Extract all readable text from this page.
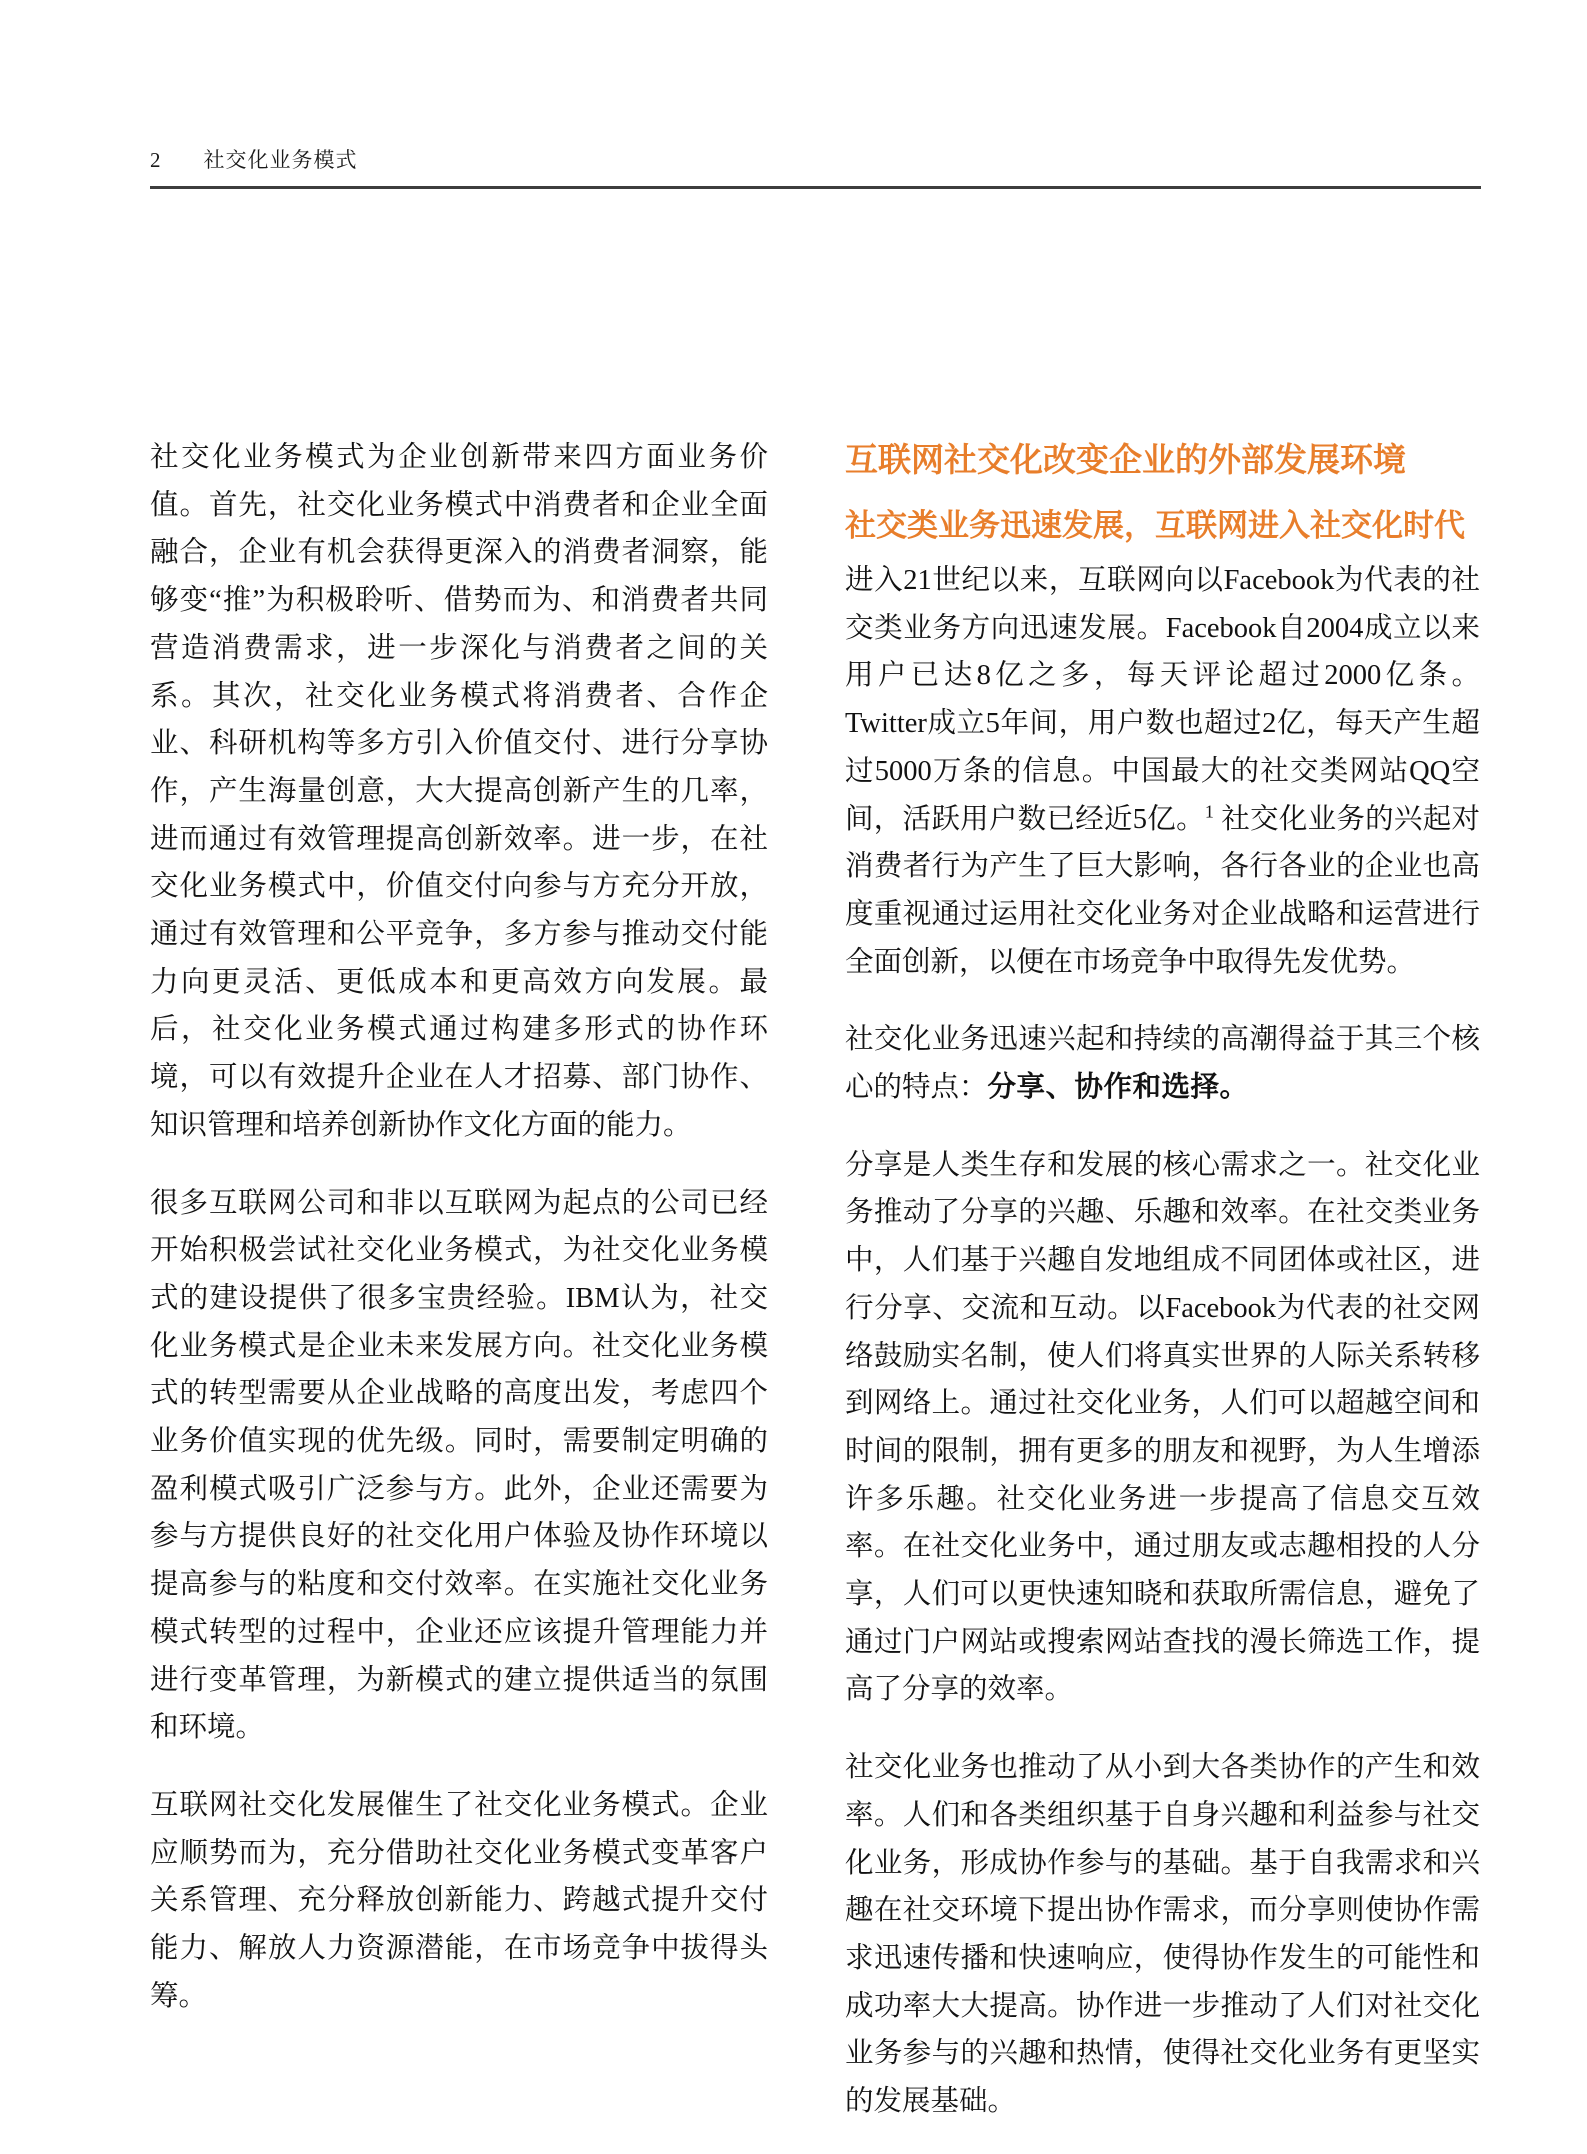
2 社交化业务模式

社交化业务模式为企业创新带来四方面业务价值。首先，社交化业务模式中消费者和企业全面融合，企业有机会获得更深入的消费者洞察，能够变“推”为积极聆听、借势而为、和消费者共同营造消费需求，进一步深化与消费者之间的关系。其次，社交化业务模式将消费者、合作企业、科研机构等多方引入价值交付、进行分享协作，产生海量创意，大大提高创新产生的几率，进而通过有效管理提高创新效率。进一步，在社交化业务模式中，价值交付向参与方充分开放，通过有效管理和公平竞争，多方参与推动交付能力向更灵活、更低成本和更高效方向发展。最后，社交化业务模式通过构建多形式的协作环境，可以有效提升企业在人才招募、部门协作、知识管理和培养创新协作文化方面的能力。

很多互联网公司和非以互联网为起点的公司已经开始积极尝试社交化业务模式，为社交化业务模式的建设提供了很多宝贵经验。IBM认为，社交化业务模式是企业未来发展方向。社交化业务模式的转型需要从企业战略的高度出发，考虑四个业务价值实现的优先级。同时，需要制定明确的盈利模式吸引广泛参与方。此外，企业还需要为参与方提供良好的社交化用户体验及协作环境以提高参与的粘度和交付效率。在实施社交化业务模式转型的过程中，企业还应该提升管理能力并进行变革管理，为新模式的建立提供适当的氛围和环境。

互联网社交化发展催生了社交化业务模式。企业应顺势而为，充分借助社交化业务模式变革客户关系管理、充分释放创新能力、跨越式提升交付能力、解放人力资源潜能，在市场竞争中拔得头筹。

互联网社交化改变企业的外部发展环境
社交类业务迅速发展，互联网进入社交化时代

进入21世纪以来，互联网向以Facebook为代表的社交类业务方向迅速发展。Facebook自2004成立以来用户已达8亿之多，每天评论超过2000亿条。Twitter成立5年间，用户数也超过2亿，每天产生超过5000万条的信息。中国最大的社交类网站QQ空间，活跃用户数已经近5亿。$^1$ 社交化业务的兴起对消费者行为产生了巨大影响，各行各业的企业也高度重视通过运用社交化业务对企业战略和运营进行全面创新，以便在市场竞争中取得先发优势。

社交化业务迅速兴起和持续的高潮得益于其三个核心的特点：分享、协作和选择。

分享是人类生存和发展的核心需求之一。社交化业务推动了分享的兴趣、乐趣和效率。在社交类业务中，人们基于兴趣自发地组成不同团体或社区，进行分享、交流和互动。以Facebook为代表的社交网络鼓励实名制，使人们将真实世界的人际关系转移到网络上。通过社交化业务，人们可以超越空间和时间的限制，拥有更多的朋友和视野，为人生增添许多乐趣。社交化业务进一步提高了信息交互效率。在社交化业务中，通过朋友或志趣相投的人分享，人们可以更快速知晓和获取所需信息，避免了通过门户网站或搜索网站查找的漫长筛选工作，提高了分享的效率。

社交化业务也推动了从小到大各类协作的产生和效率。人们和各类组织基于自身兴趣和利益参与社交化业务，形成协作参与的基础。基于自我需求和兴趣在社交环境下提出协作需求，而分享则使协作需求迅速传播和快速响应，使得协作发生的可能性和成功率大大提高。协作进一步推动了人们对社交化业务参与的兴趣和热情，使得社交化业务有更坚实的发展基础。
